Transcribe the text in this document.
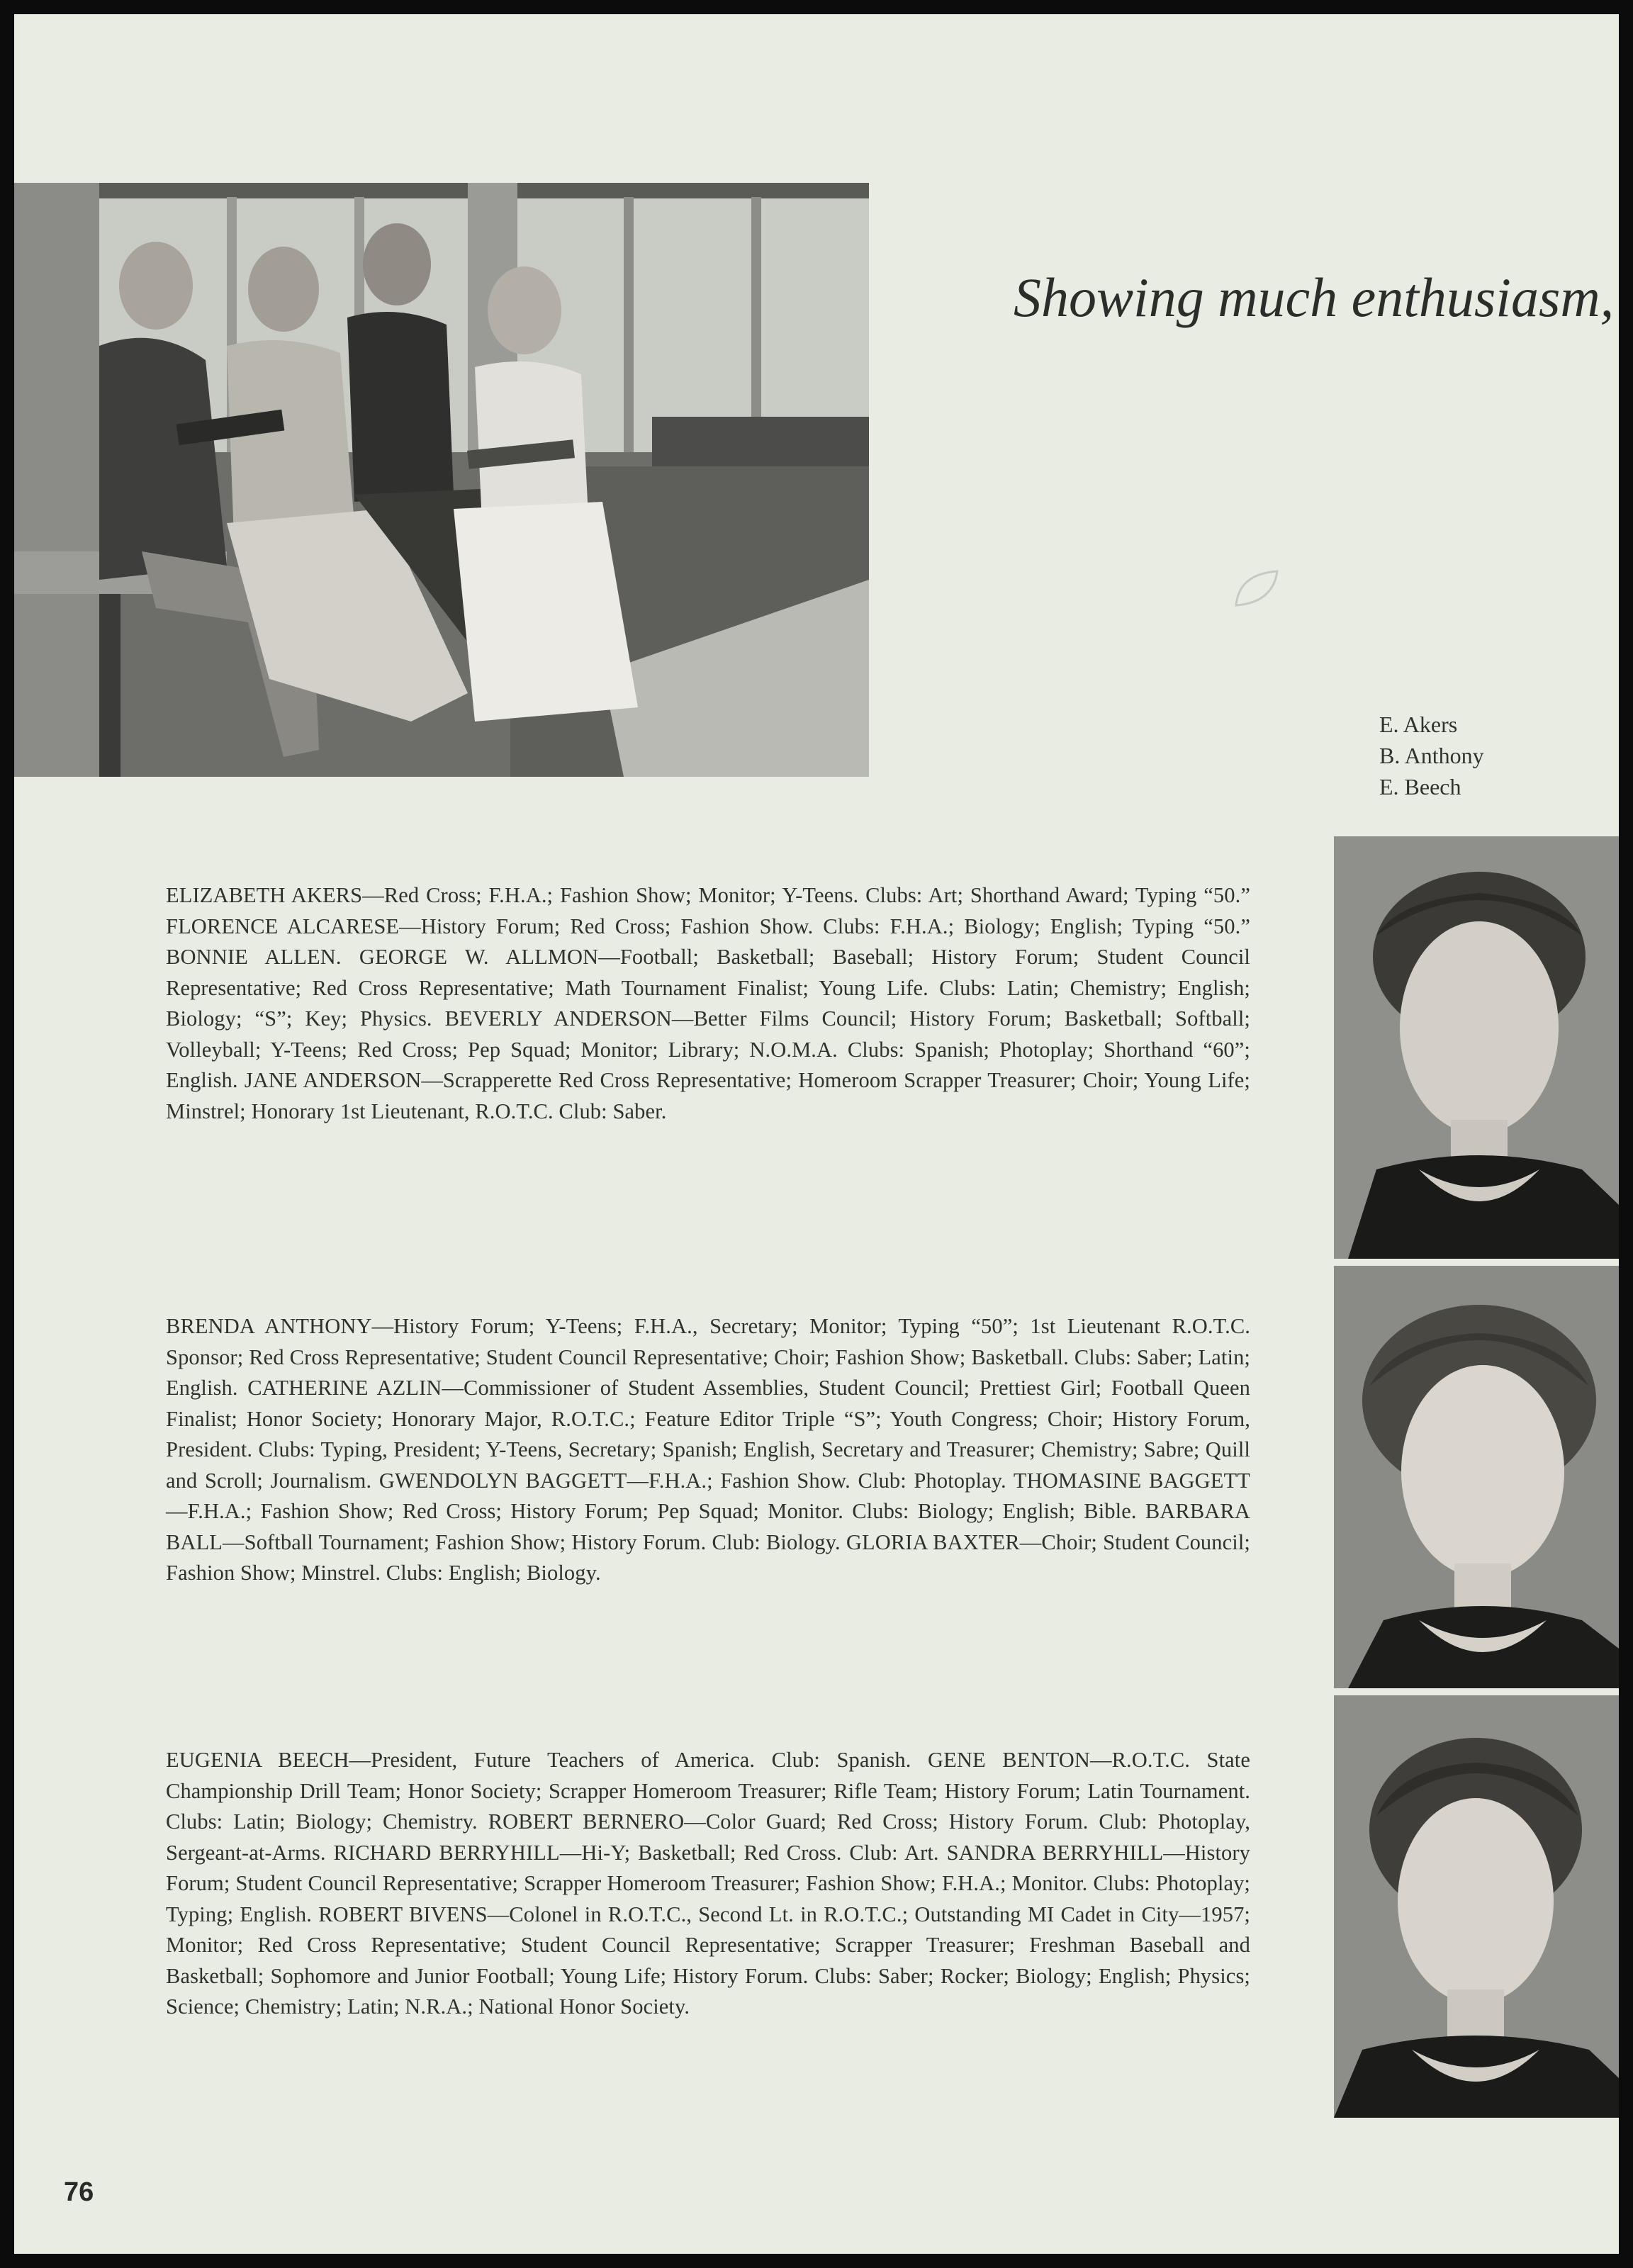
Showing much enthusiasm,
E. Akers
B. Anthony
E. Beech
ELIZABETH AKERS—Red Cross; F.H.A.; Fashion Show; Monitor; Y-Teens. Clubs: Art; Shorthand Award; Typing “50.” FLORENCE ALCARESE—History Forum; Red Cross; Fashion Show. Clubs: F.H.A.; Biology; English; Typing “50.” BONNIE ALLEN. GEORGE W. ALLMON—Football; Basketball; Baseball; History Forum; Student Council Representative; Red Cross Representative; Math Tournament Finalist; Young Life. Clubs: Latin; Chemistry; English; Biology; “S”; Key; Physics. BEVERLY ANDERSON—Better Films Council; History Forum; Basketball; Softball; Volleyball; Y-Teens; Red Cross; Pep Squad; Monitor; Library; N.O.M.A. Clubs: Spanish; Photoplay; Shorthand “60”; English. JANE ANDERSON—Scrapperette Red Cross Representative; Homeroom Scrapper Treasurer; Choir; Young Life; Minstrel; Honorary 1st Lieutenant, R.O.T.C. Club: Saber.
BRENDA ANTHONY—History Forum; Y-Teens; F.H.A., Secretary; Monitor; Typing “50”; 1st Lieutenant R.O.T.C. Sponsor; Red Cross Representative; Student Council Representative; Choir; Fashion Show; Basketball. Clubs: Saber; Latin; English. CATHERINE AZLIN—Commissioner of Student Assemblies, Student Council; Prettiest Girl; Football Queen Finalist; Honor Society; Honorary Major, R.O.T.C.; Feature Editor Triple “S”; Youth Congress; Choir; History Forum, President. Clubs: Typing, President; Y-Teens, Secretary; Spanish; English, Secretary and Treasurer; Chemistry; Sabre; Quill and Scroll; Journalism. GWENDOLYN BAGGETT—F.H.A.; Fashion Show. Club: Photoplay. THOMASINE BAGGETT—F.H.A.; Fashion Show; Red Cross; History Forum; Pep Squad; Monitor. Clubs: Biology; English; Bible. BARBARA BALL—Softball Tournament; Fashion Show; History Forum. Club: Biology. GLORIA BAXTER—Choir; Student Council; Fashion Show; Minstrel. Clubs: English; Biology.
EUGENIA BEECH—President, Future Teachers of America. Club: Spanish. GENE BENTON—R.O.T.C. State Championship Drill Team; Honor Society; Scrapper Homeroom Treasurer; Rifle Team; History Forum; Latin Tournament. Clubs: Latin; Biology; Chemistry. ROBERT BERNERO—Color Guard; Red Cross; History Forum. Club: Photoplay, Sergeant-at-Arms. RICHARD BERRYHILL—Hi-Y; Basketball; Red Cross. Club: Art. SANDRA BERRYHILL—History Forum; Student Council Representative; Scrapper Homeroom Treasurer; Fashion Show; F.H.A.; Monitor. Clubs: Photoplay; Typing; English. ROBERT BIVENS—Colonel in R.O.T.C., Second Lt. in R.O.T.C.; Outstanding MI Cadet in City—1957; Monitor; Red Cross Representative; Student Council Representative; Scrapper Treasurer; Freshman Baseball and Basketball; Sophomore and Junior Football; Young Life; History Forum. Clubs: Saber; Rocker; Biology; English; Physics; Science; Chemistry; Latin; N.R.A.; National Honor Society.
76
